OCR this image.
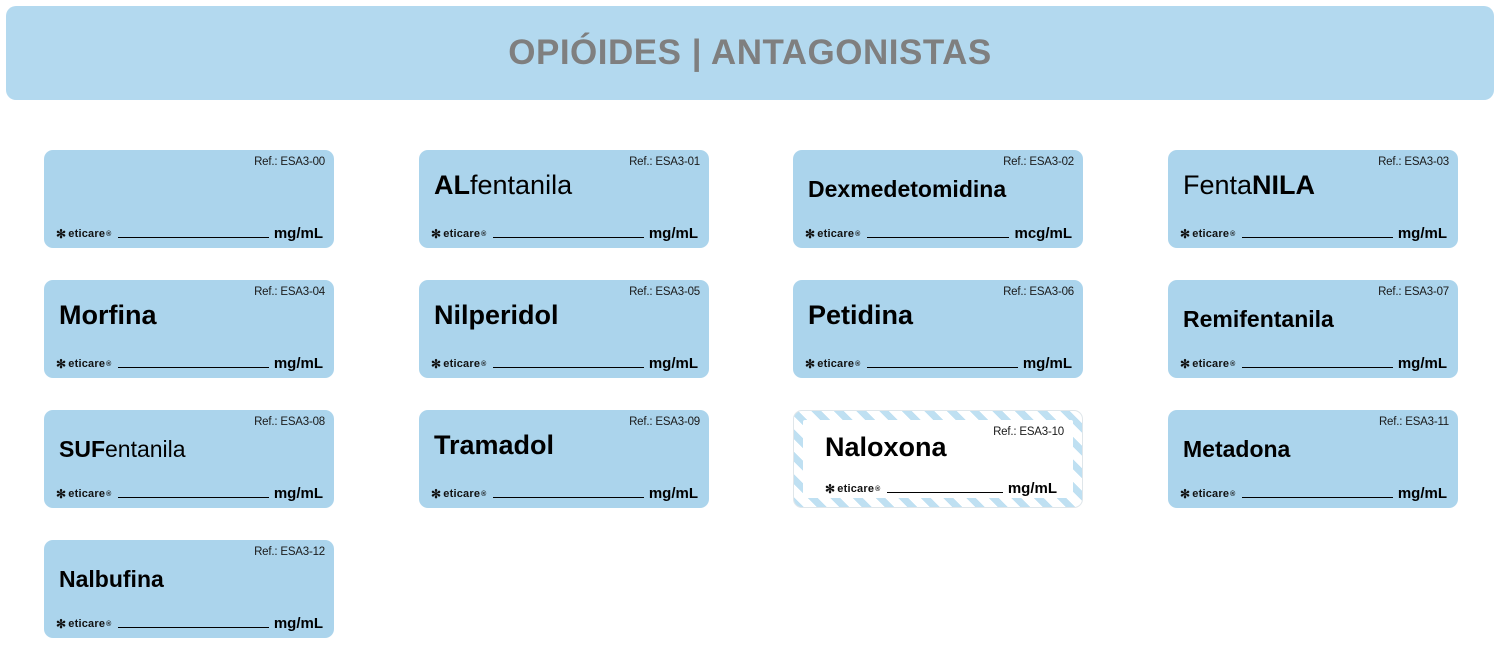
OPIÓIDES | ANTAGONISTAS
Ref.: ESA3-00
✻ eticare ®	mg/mL
Ref.: ESA3-01
ALfentanila
✻ eticare ®	mg/mL
Ref.: ESA3-02
Dexmedetomidina
✻ eticare ®	mcg/mL
Ref.: ESA3-03
FentaNILA
✻ eticare ®	mg/mL
Ref.: ESA3-04
Morfina
✻ eticare ®	mg/mL
Ref.: ESA3-05
Nilperidol
✻ eticare ®	mg/mL
Ref.: ESA3-06
Petidina
✻ eticare ®	mg/mL
Ref.: ESA3-07
Remifentanila
✻ eticare ®	mg/mL
Ref.: ESA3-08
SUFentanila
✻ eticare ®	mg/mL
Ref.: ESA3-09
Tramadol
✻ eticare ®	mg/mL
Ref.: ESA3-10
Naloxona
✻ eticare ®	mg/mL
Ref.: ESA3-11
Metadona
✻ eticare ®	mg/mL
Ref.: ESA3-12
Nalbufina
✻ eticare ®	mg/mL
